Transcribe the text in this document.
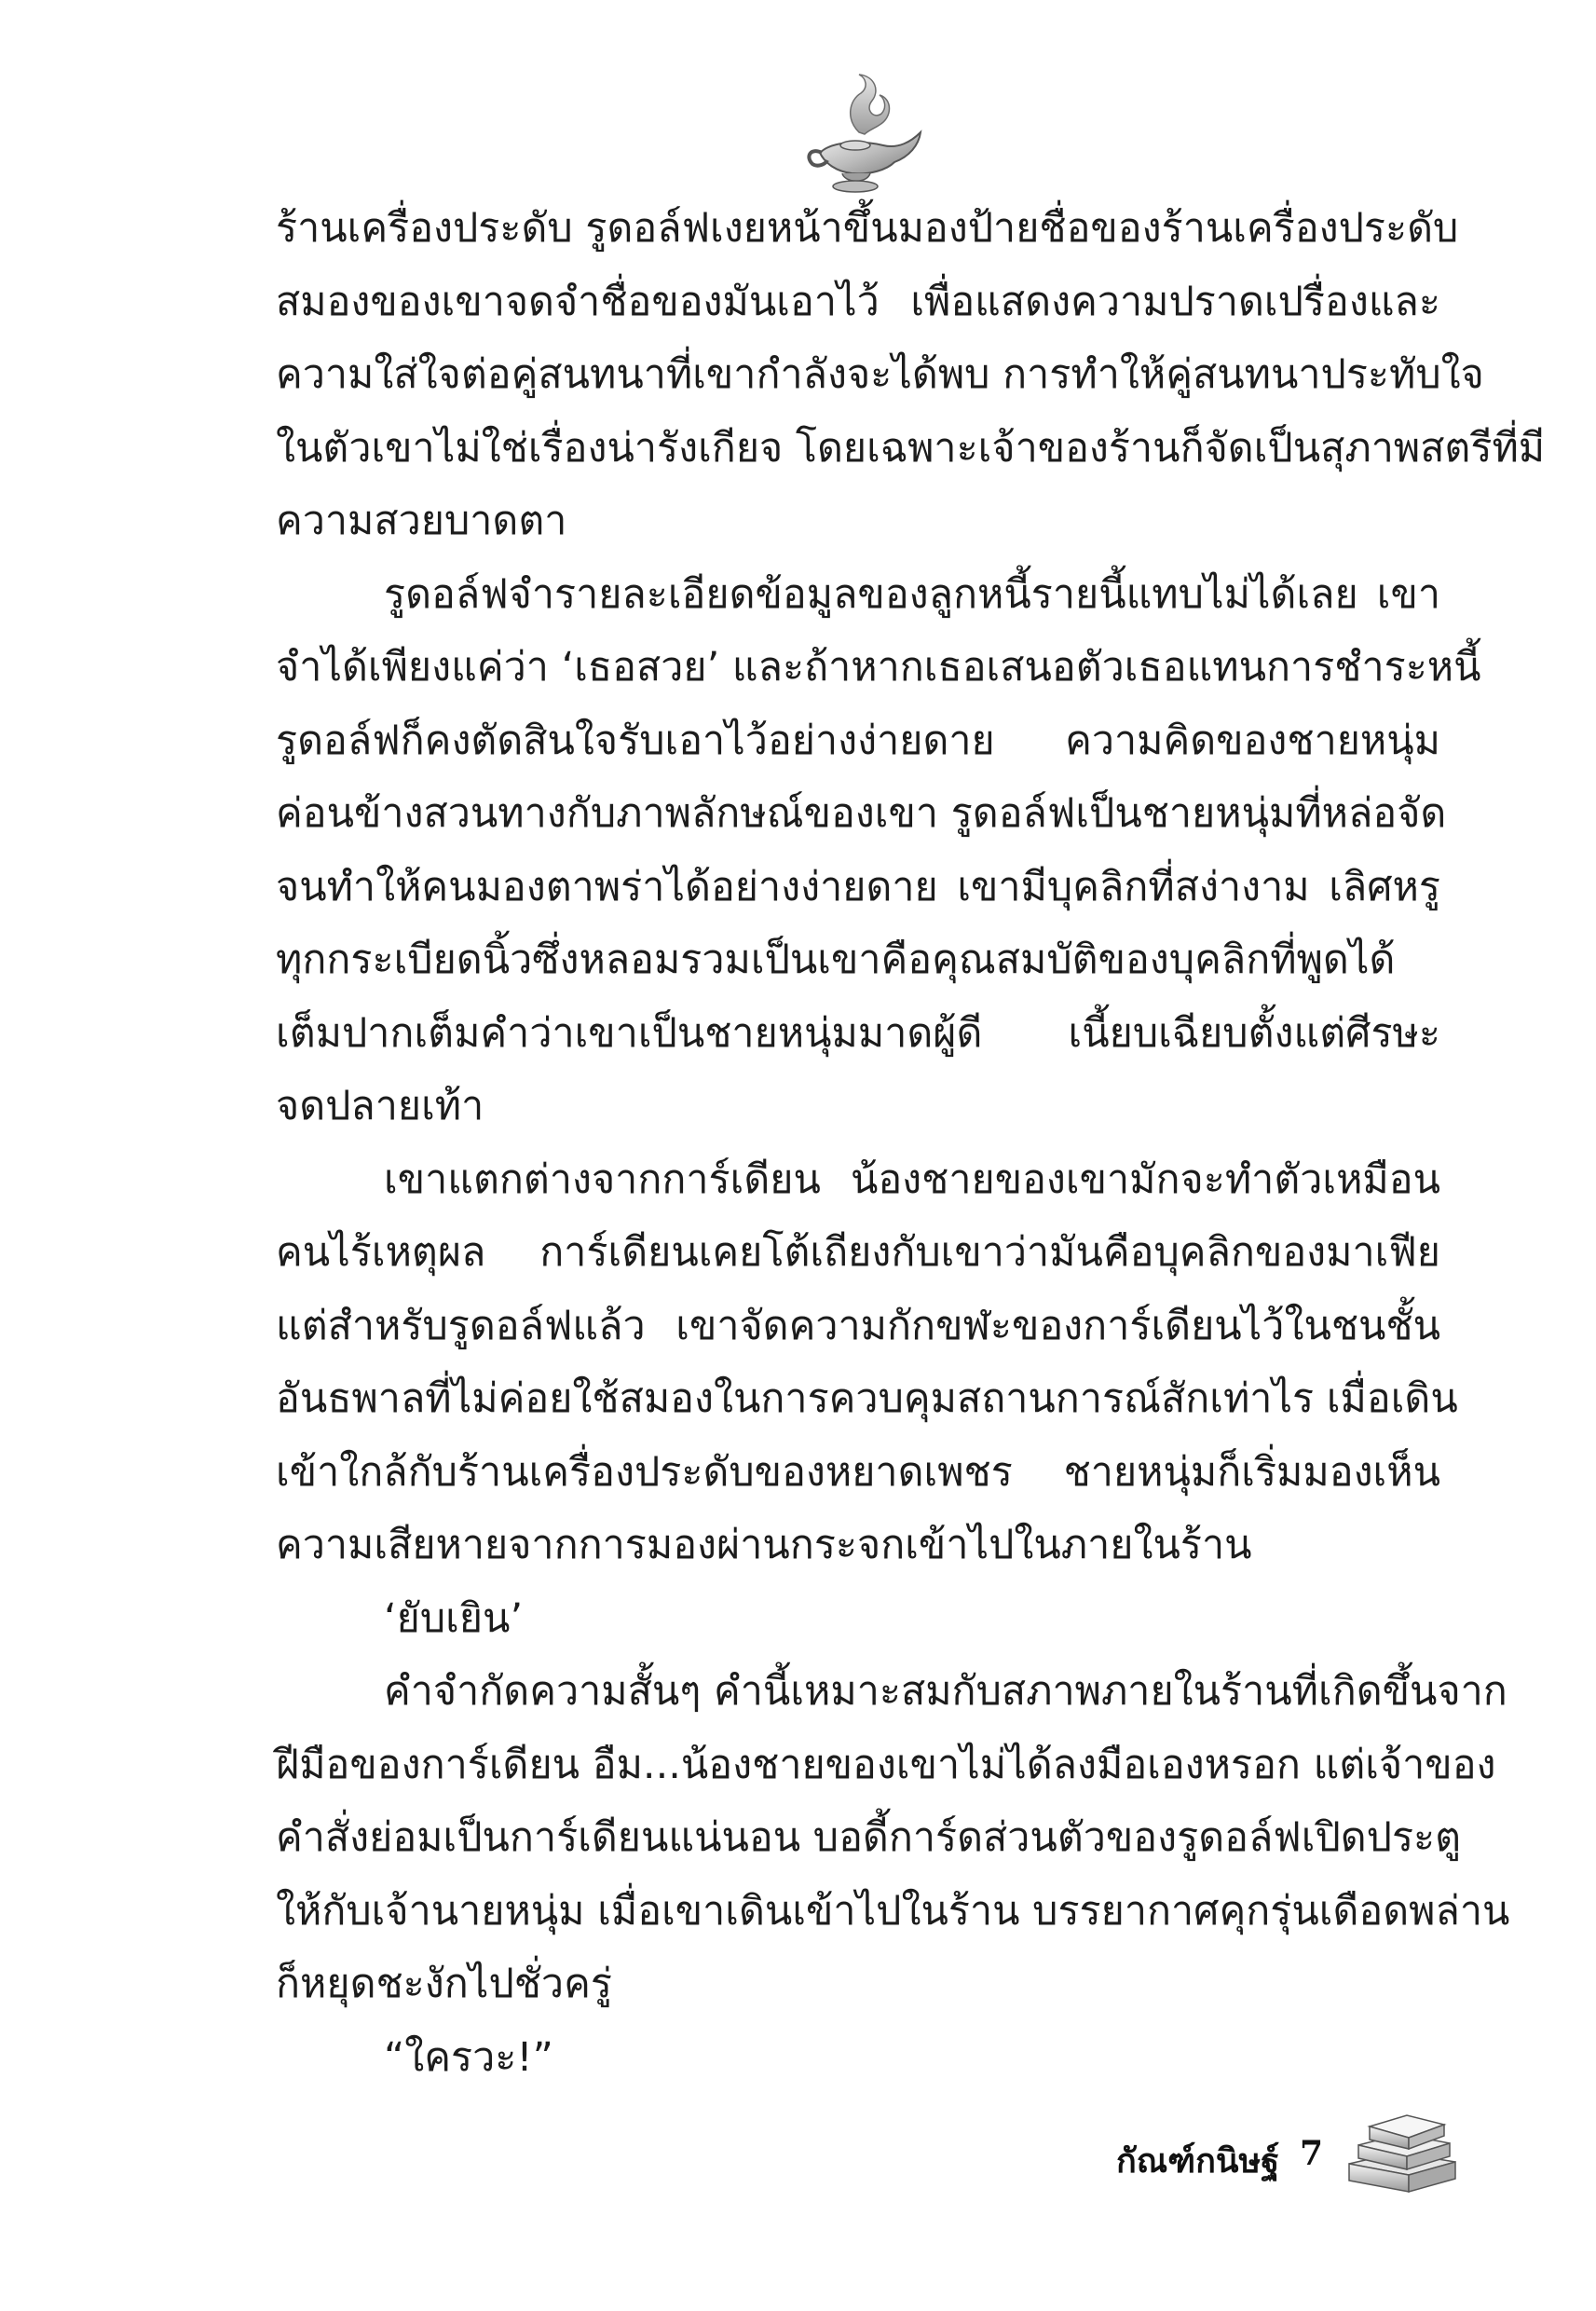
ร้านเครื่องประดับ รูดอล์ฟเงยหน้าขึ้นมองป้ายชื่อของร้านเครื่องประดับ
สมองของเขาจดจำชื่อของมันเอาไว้ เพื่อแสดงความปราดเปรื่องและ
ความใส่ใจต่อคู่สนทนาที่เขากำลังจะได้พบ การทำให้คู่สนทนาประทับใจ
ในตัวเขาไม่ใช่เรื่องน่ารังเกียจ โดยเฉพาะเจ้าของร้านก็จัดเป็นสุภาพสตรีที่มี
ความสวยบาดตา
รูดอล์ฟจำรายละเอียดข้อมูลของลูกหนี้รายนี้แทบไม่ได้เลย เขา
จำได้เพียงแค่ว่า ‘เธอสวย’ และถ้าหากเธอเสนอตัวเธอแทนการชำระหนี้
รูดอล์ฟก็คงตัดสินใจรับเอาไว้อย่างง่ายดาย ความคิดของชายหนุ่ม
ค่อนข้างสวนทางกับภาพลักษณ์ของเขา รูดอล์ฟเป็นชายหนุ่มที่หล่อจัด
จนทำให้คนมองตาพร่าได้อย่างง่ายดาย เขามีบุคลิกที่สง่างาม เลิศหรู
ทุกกระเบียดนิ้วซึ่งหลอมรวมเป็นเขาคือคุณสมบัติของบุคลิกที่พูดได้
เต็มปากเต็มคำว่าเขาเป็นชายหนุ่มมาดผู้ดี เนี้ยบเฉียบตั้งแต่ศีรษะ
จดปลายเท้า
เขาแตกต่างจากการ์เดียน น้องชายของเขามักจะทำตัวเหมือน
คนไร้เหตุผล การ์เดียนเคยโต้เถียงกับเขาว่ามันคือบุคลิกของมาเฟีย
แต่สำหรับรูดอล์ฟแล้ว เขาจัดความกักขฬะของการ์เดียนไว้ในชนชั้น
อันธพาลที่ไม่ค่อยใช้สมองในการควบคุมสถานการณ์สักเท่าไร เมื่อเดิน
เข้าใกล้กับร้านเครื่องประดับของหยาดเพชร ชายหนุ่มก็เริ่มมองเห็น
ความเสียหายจากการมองผ่านกระจกเข้าไปในภายในร้าน
‘ยับเยิน’
คำจำกัดความสั้นๆ คำนี้เหมาะสมกับสภาพภายในร้านที่เกิดขึ้นจาก
ฝีมือของการ์เดียน อืม...น้องชายของเขาไม่ได้ลงมือเองหรอก แต่เจ้าของ
คำสั่งย่อมเป็นการ์เดียนแน่นอน บอดี้การ์ดส่วนตัวของรูดอล์ฟเปิดประตู
ให้กับเจ้านายหนุ่ม เมื่อเขาเดินเข้าไปในร้าน บรรยากาศคุกรุ่นเดือดพล่าน
ก็หยุดชะงักไปชั่วครู่
“ใครวะ!”
กัณฑ์กนิษฐ์ 7
